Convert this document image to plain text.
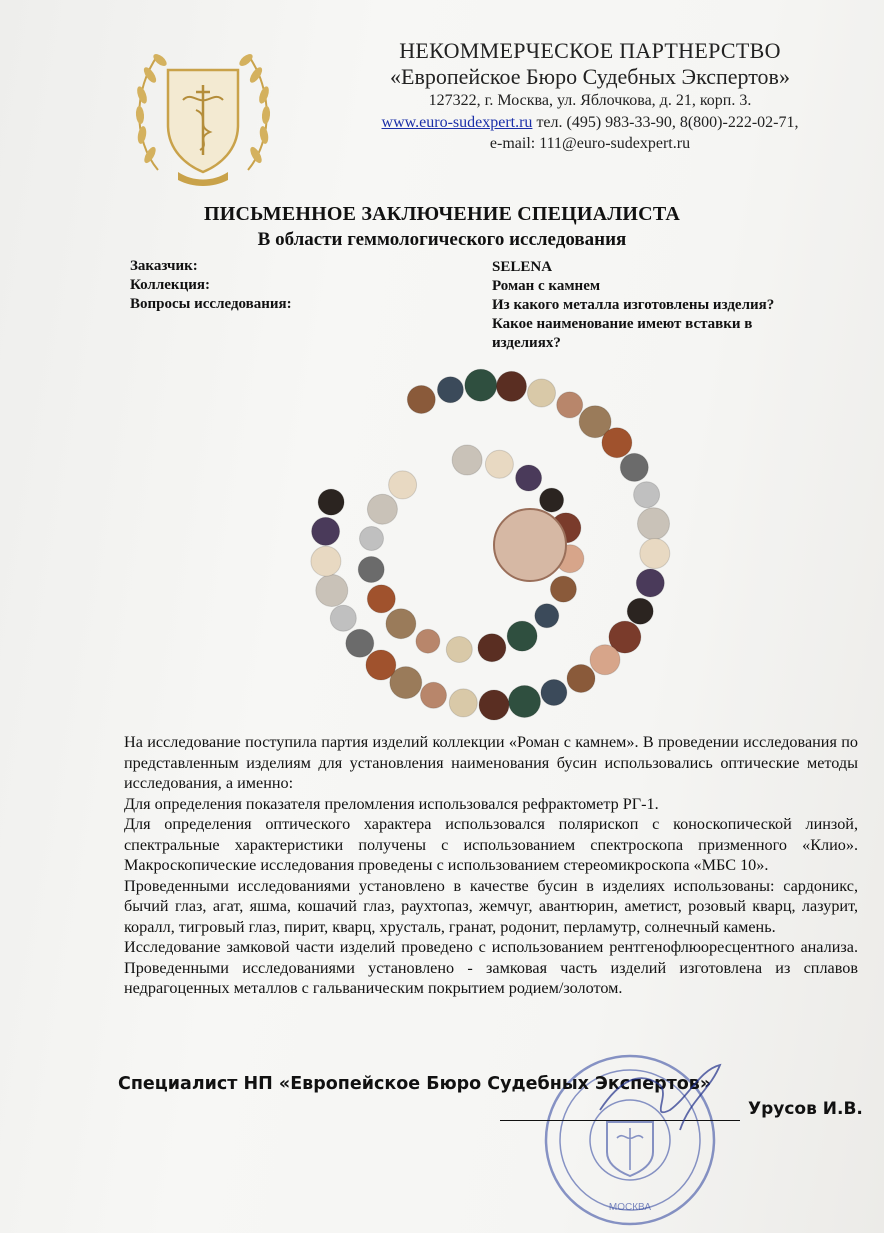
НЕКОММЕРЧЕСКОЕ ПАРТНЕРСТВО
«Европейское Бюро Судебных Экспертов»
127322, г. Москва, ул. Яблочкова, д. 21, корп. 3.
www.euro-sudexpert.ru тел. (495) 983-33-90, 8(800)-222-02-71,
e-mail: 111@euro-sudexpert.ru
ПИСЬМЕННОЕ ЗАКЛЮЧЕНИЕ СПЕЦИАЛИСТА
В области геммологического исследования
Заказчик:	SELENA
Коллекция:	Роман с камнем
Вопросы исследования:	Из какого металла изготовлены изделия?
Какое наименование имеют вставки в изделиях?

На исследование поступила партия изделий коллекции «Роман с камнем». В проведении исследования по представленным изделиям для установления наименования бусин использовались оптические методы исследования, а именно:

Для определения показателя преломления использовался рефрактометр РГ-1.

Для определения оптического характера использовался полярископ с коноскопической линзой, спектральные характеристики получены с использованием спектроскопа призменного «Клио». Макроскопические исследования проведены с использованием стереомикроскопа «МБС 10».

Проведенными исследованиями установлено в качестве бусин в изделиях использованы: сардоникс, бычий глаз, агат, яшма, кошачий глаз, раухтопаз, жемчуг, авантюрин, аметист, розовый кварц, лазурит, коралл, тигровый глаз, пирит, кварц, хрусталь, гранат, родонит, перламутр, солнечный камень.

Исследование замковой части изделий проведено с использованием рентгенофлюоресцентного анализа. Проведенными исследованиями установлено - замковая часть изделий изготовлена из сплавов недрагоценных металлов с гальваническим покрытием родием/золотом.

МОСКВА
Специалист НП «Европейское Бюро Судебных Экспертов»
Урусов И.В.
